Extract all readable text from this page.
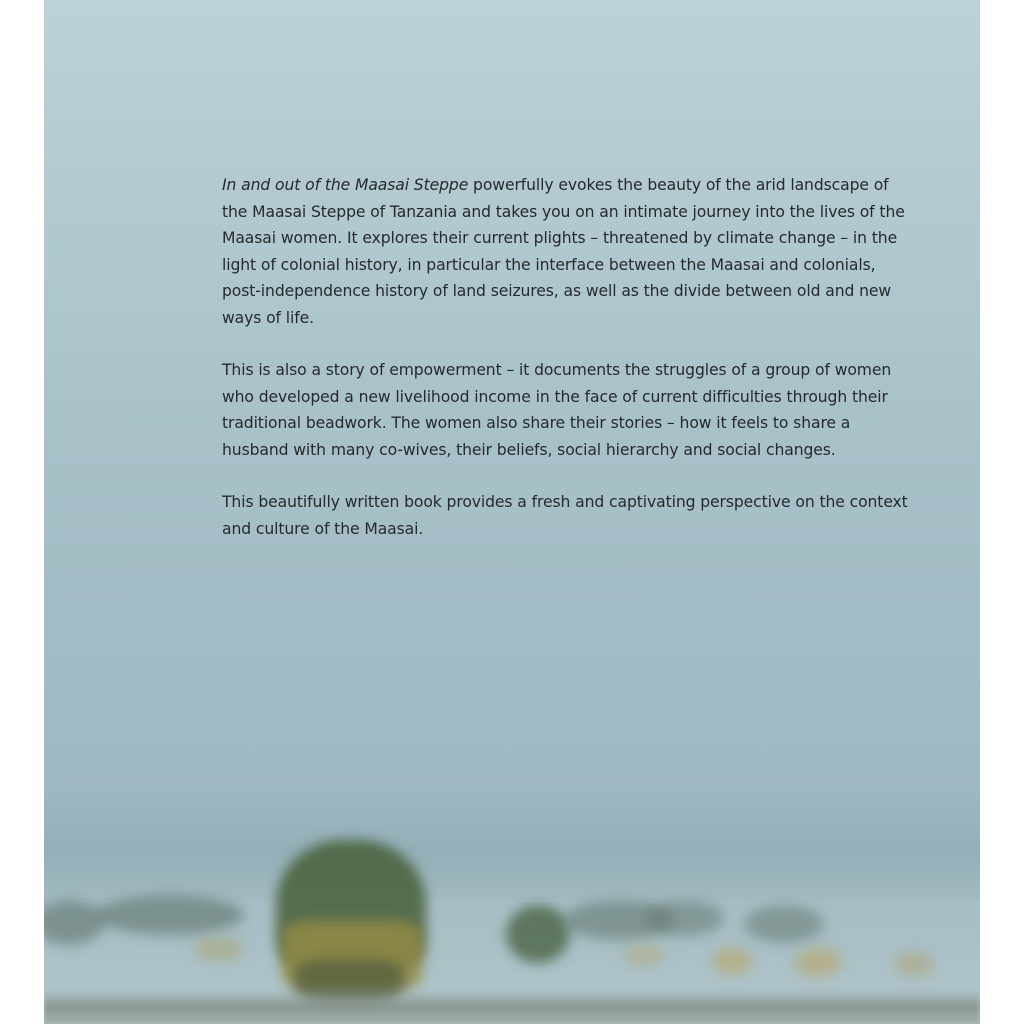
In and out of the Maasai Steppe powerfully evokes the beauty of the arid landscape of the Maasai Steppe of Tanzania and takes you on an intimate journey into the lives of the Maasai women. It explores their current plights – threatened by climate change – in the light of colonial history, in particular the interface between the Maasai and colonials, post-independence history of land seizures, as well as the divide between old and new ways of life.

This is also a story of empowerment – it documents the struggles of a group of women who developed a new livelihood income in the face of current difficulties through their traditional beadwork. The women also share their stories – how it feels to share a husband with many co-wives, their beliefs, social hierarchy and social changes.

This beautifully written book provides a fresh and captivating perspective on the context and culture of the Maasai.
